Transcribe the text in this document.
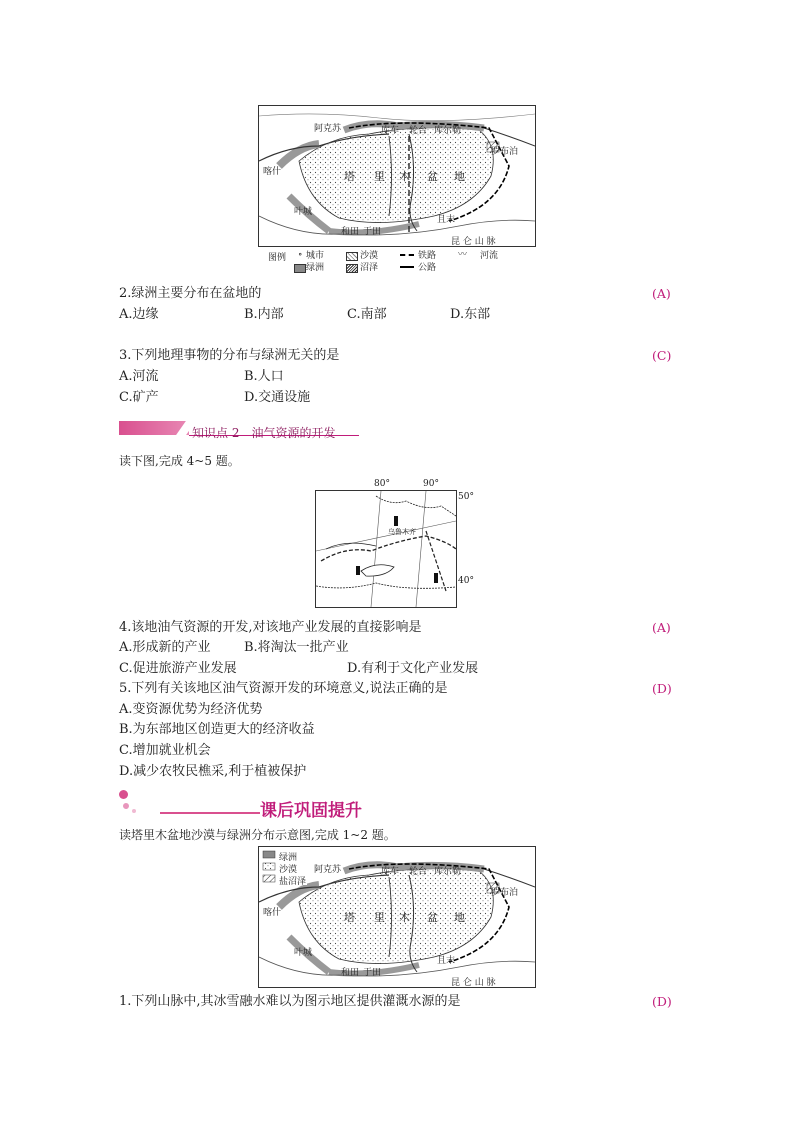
阿克苏	库车 轮台 库尔勒
罗布泊
喀什	塔 里 木 盆 地
叶城
和田 于田
且末
昆 仑 山 脉
图例 ∘ 城市	沙漠	铁路 〰 河流
绿洲	沼泽	公路
2.绿洲主要分布在盆地的	(A)
A.边缘	B.内部	C.南部	D.东部
3.下列地理事物的分布与绿洲无关的是	(C)
A.河流	B.人口
C.矿产	D.交通设施
知识点 2　油气资源的开发
读下图,完成 4~5 题。
乌鲁木齐
80°	90°
50°
40°
4.该地油气资源的开发,对该地产业发展的直接影响是	(A)
A.形成新的产业	B.将淘汰一批产业
C.促进旅游产业发展	D.有利于文化产业发展
5.下列有关该地区油气资源开发的环境意义,说法正确的是	(D)
A.变资源优势为经济优势
B.为东部地区创造更大的经济收益
C.增加就业机会
D.减少农牧民樵采,利于植被保护
课后巩固提升
读塔里木盆地沙漠与绿洲分布示意图,完成 1~2 题。
绿洲
沙漠
盐沼泽
阿克苏	库车 轮台 库尔勒
罗布泊
喀什	塔 里 木 盆 地
叶城
和田 于田
且末
昆 仑 山 脉
1.下列山脉中,其冰雪融水难以为图示地区提供灌溉水源的是	(D)
